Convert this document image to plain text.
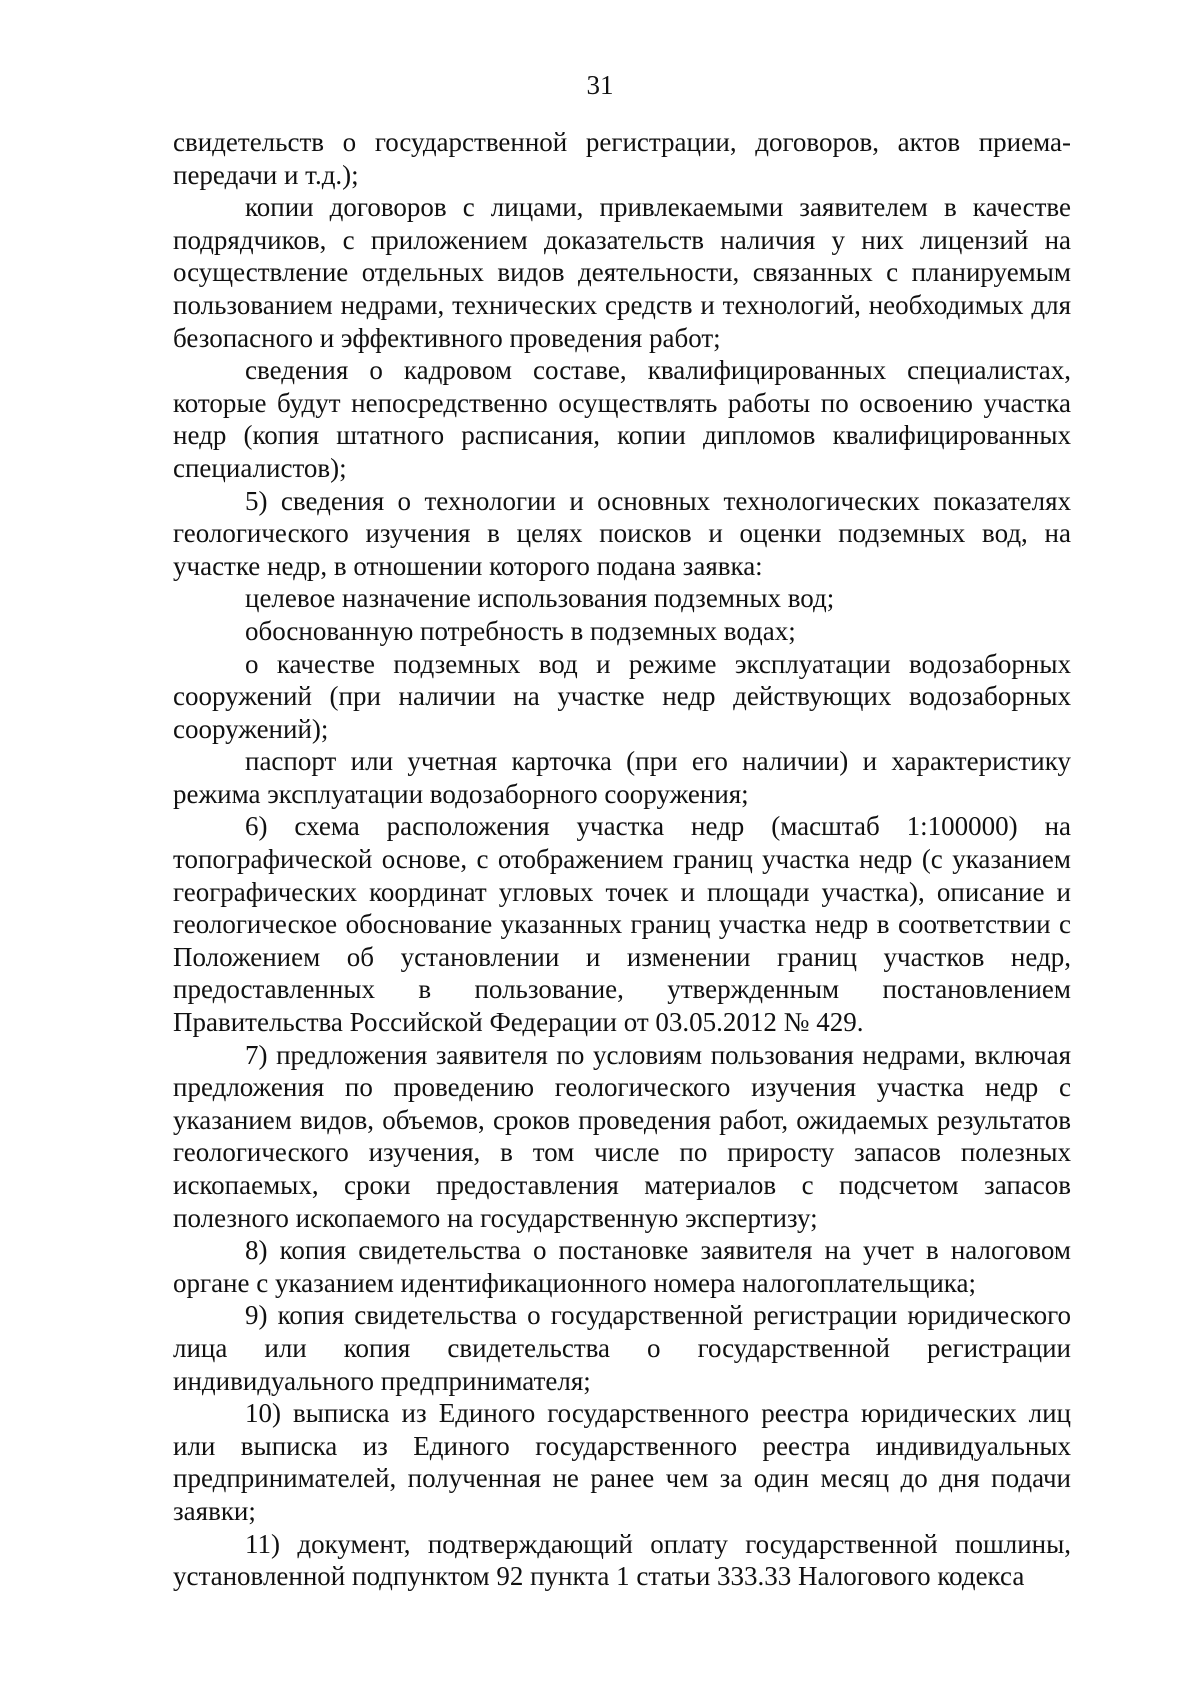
31

свидетельств о государственной регистрации, договоров, актов приема-передачи и т.д.);

копии договоров с лицами, привлекаемыми заявителем в качестве подрядчиков, с приложением доказательств наличия у них лицензий на осуществление отдельных видов деятельности, связанных с планируемым пользованием недрами, технических средств и технологий, необходимых для безопасного и эффективного проведения работ;

сведения о кадровом составе, квалифицированных специалистах, которые будут непосредственно осуществлять работы по освоению участка недр (копия штатного расписания, копии дипломов квалифицированных специалистов);

5) сведения о технологии и основных технологических показателях геологического изучения в целях поисков и оценки подземных вод, на участке недр, в отношении которого подана заявка:

целевое назначение использования подземных вод;

обоснованную потребность в подземных водах;

о качестве подземных вод и режиме эксплуатации водозаборных сооружений (при наличии на участке недр действующих водозаборных сооружений);

паспорт или учетная карточка (при его наличии) и характеристику режима эксплуатации водозаборного сооружения;

6) схема расположения участка недр (масштаб 1:100000) на топографической основе, с отображением границ участка недр (с указанием географических координат угловых точек и площади участка), описание и геологическое обоснование указанных границ участка недр в соответствии с Положением об установлении и изменении границ участков недр, предоставленных в пользование, утвержденным постановлением Правительства Российской Федерации от 03.05.2012 № 429.

7) предложения заявителя по условиям пользования недрами, включая предложения по проведению геологического изучения участка недр с указанием видов, объемов, сроков проведения работ, ожидаемых результатов геологического изучения, в том числе по приросту запасов полезных ископаемых, сроки предоставления материалов с подсчетом запасов полезного ископаемого на государственную экспертизу;

8) копия свидетельства о постановке заявителя на учет в налоговом органе с указанием идентификационного номера налогоплательщика;

9) копия свидетельства о государственной регистрации юридического лица или копия свидетельства о государственной регистрации индивидуального предпринимателя;

10) выписка из Единого государственного реестра юридических лиц или выписка из Единого государственного реестра индивидуальных предпринимателей, полученная не ранее чем за один месяц до дня подачи заявки;

11) документ, подтверждающий оплату государственной пошлины, установленной подпунктом 92 пункта 1 статьи 333.33 Налогового кодекса
